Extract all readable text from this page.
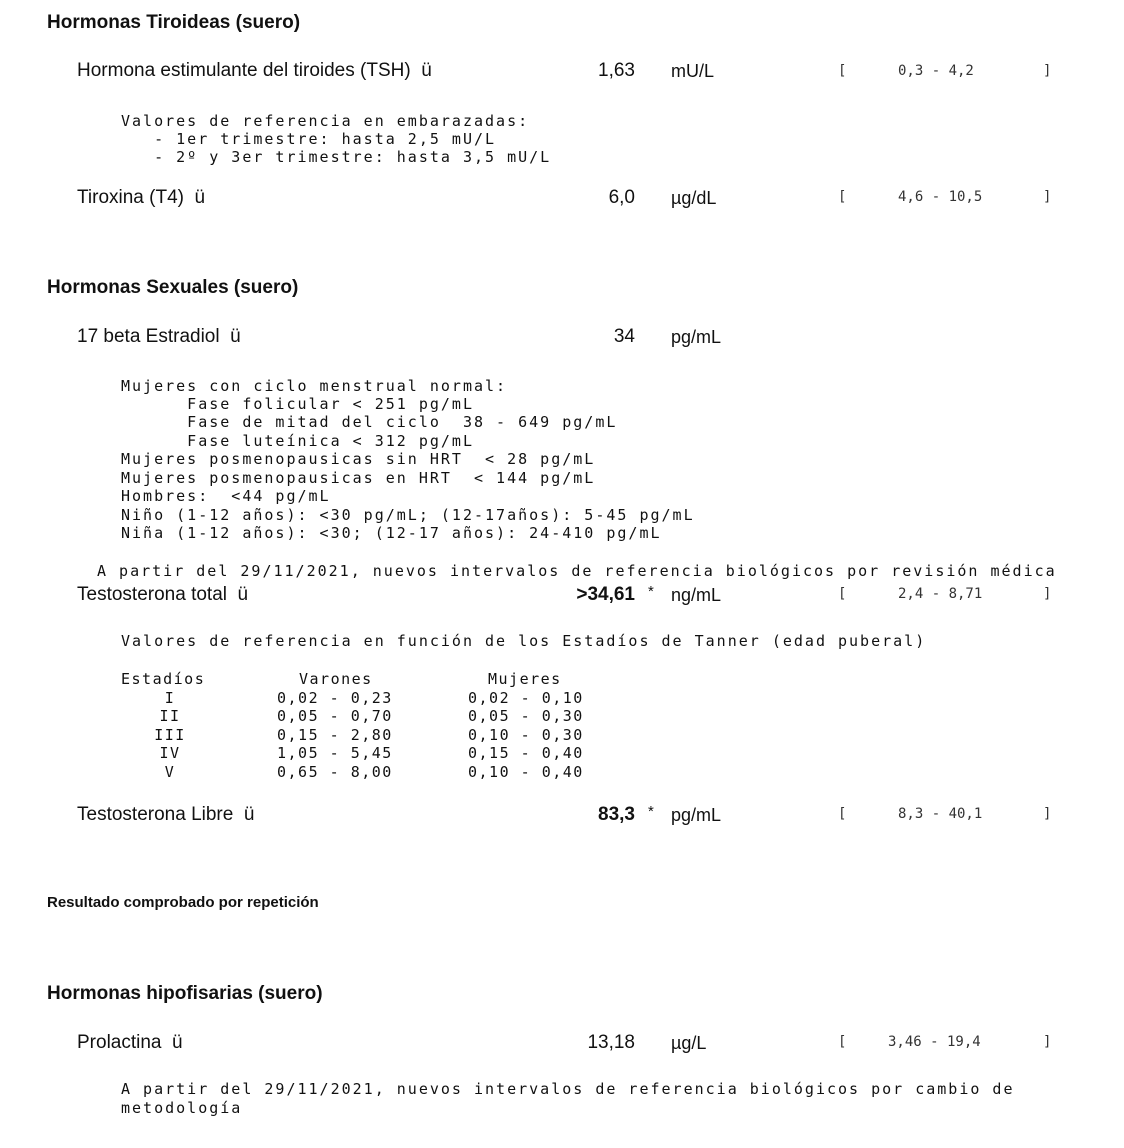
Hormonas Tiroideas (suero)
Hormona estimulante del tiroides (TSH)  ü	1,63 mU/L	[	0,3 - 4,2	]
Valores de referencia en embarazadas:
- 1er trimestre: hasta 2,5 mU/L
- 2º y 3er trimestre: hasta 3,5 mU/L
Tiroxina (T4)  ü	6,0 µg/dL	[	4,6 - 10,5	]
Hormonas Sexuales (suero)
17 beta Estradiol  ü	34 pg/mL
Mujeres con ciclo menstrual normal:
Fase folicular < 251 pg/mL
Fase de mitad del ciclo  38 - 649 pg/mL
Fase luteínica < 312 pg/mL
Mujeres posmenopausicas sin HRT  < 28 pg/mL
Mujeres posmenopausicas en HRT  < 144 pg/mL
Hombres:  <44 pg/mL
Niño (1-12 años): <30 pg/mL; (12-17años): 5-45 pg/mL
Niña (1-12 años): <30; (12-17 años): 24-410 pg/mL
A partir del 29/11/2021, nuevos intervalos de referencia biológicos por revisión médica
Testosterona total  ü	>34,61 * ng/mL	[	2,4 - 8,71	]
Valores de referencia en función de los Estadíos de Tanner (edad puberal)
Estadíos	Varones	Mujeres
I	0,02 - 0,23	0,02 - 0,10
II	0,05 - 0,70	0,05 - 0,30
III	0,15 - 2,80	0,10 - 0,30
IV	1,05 - 5,45	0,15 - 0,40
V	0,65 - 8,00	0,10 - 0,40
Testosterona Libre  ü	83,3 * pg/mL	[	8,3 - 40,1	]
Resultado comprobado por repetición
Hormonas hipofisarias (suero)
Prolactina  ü	13,18 µg/L	[	3,46 - 19,4	]
A partir del 29/11/2021, nuevos intervalos de referencia biológicos por cambio de
metodología
